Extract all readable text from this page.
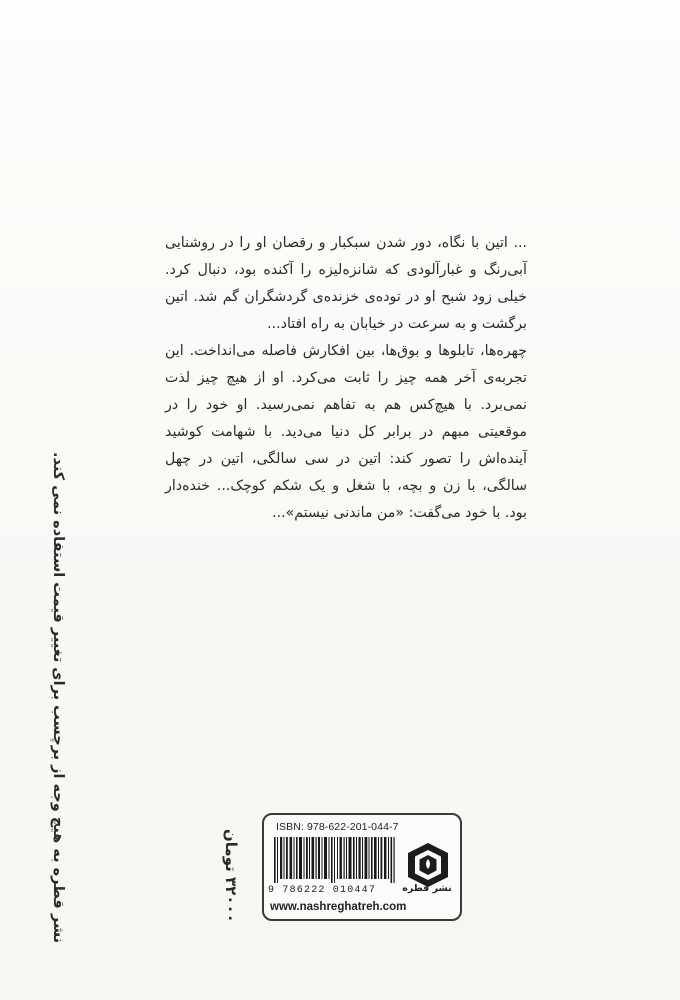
... اتین با نگاه، دور شدن سبکبار و رقصان او را در روشنایی آبی‌رنگ و غبارآلودی که شانزه‌لیزه را آکنده بود، دنبال کرد. خیلی زود شبح او در توده‌ی خزنده‌ی گردشگران گم شد. اتین برگشت و به سرعت در خیابان به راه افتاد...

چهره‌ها، تابلوها و بوق‌ها، بین افکارش فاصله می‌انداخت. این تجربه‌ی آخر همه چیز را ثابت می‌کرد. او از هیچ چیز لذت نمی‌برد. با هیچ‌کس هم به تفاهم نمی‌رسید. او خود را در موقعیتی مبهم در برابر کل دنیا می‌دید. با شهامت کوشید آینده‌اش را تصور کند: اتین در سی سالگی، اتین در چهل سالگی، با زن و بچه، با شغل و یک شکم کوچک... خنده‌دار بود. با خود می‌گفت: «من ماندنی نیستم»...

نشر قطره به هیچ وجه از برچسب برای تغییر قیمت استفاده نمی کند.	۳۲۰۰۰ تومان
ISBN: 978-622-201-044-7
9 786222 010447
www.nashreghatreh.com
نشر قطره
